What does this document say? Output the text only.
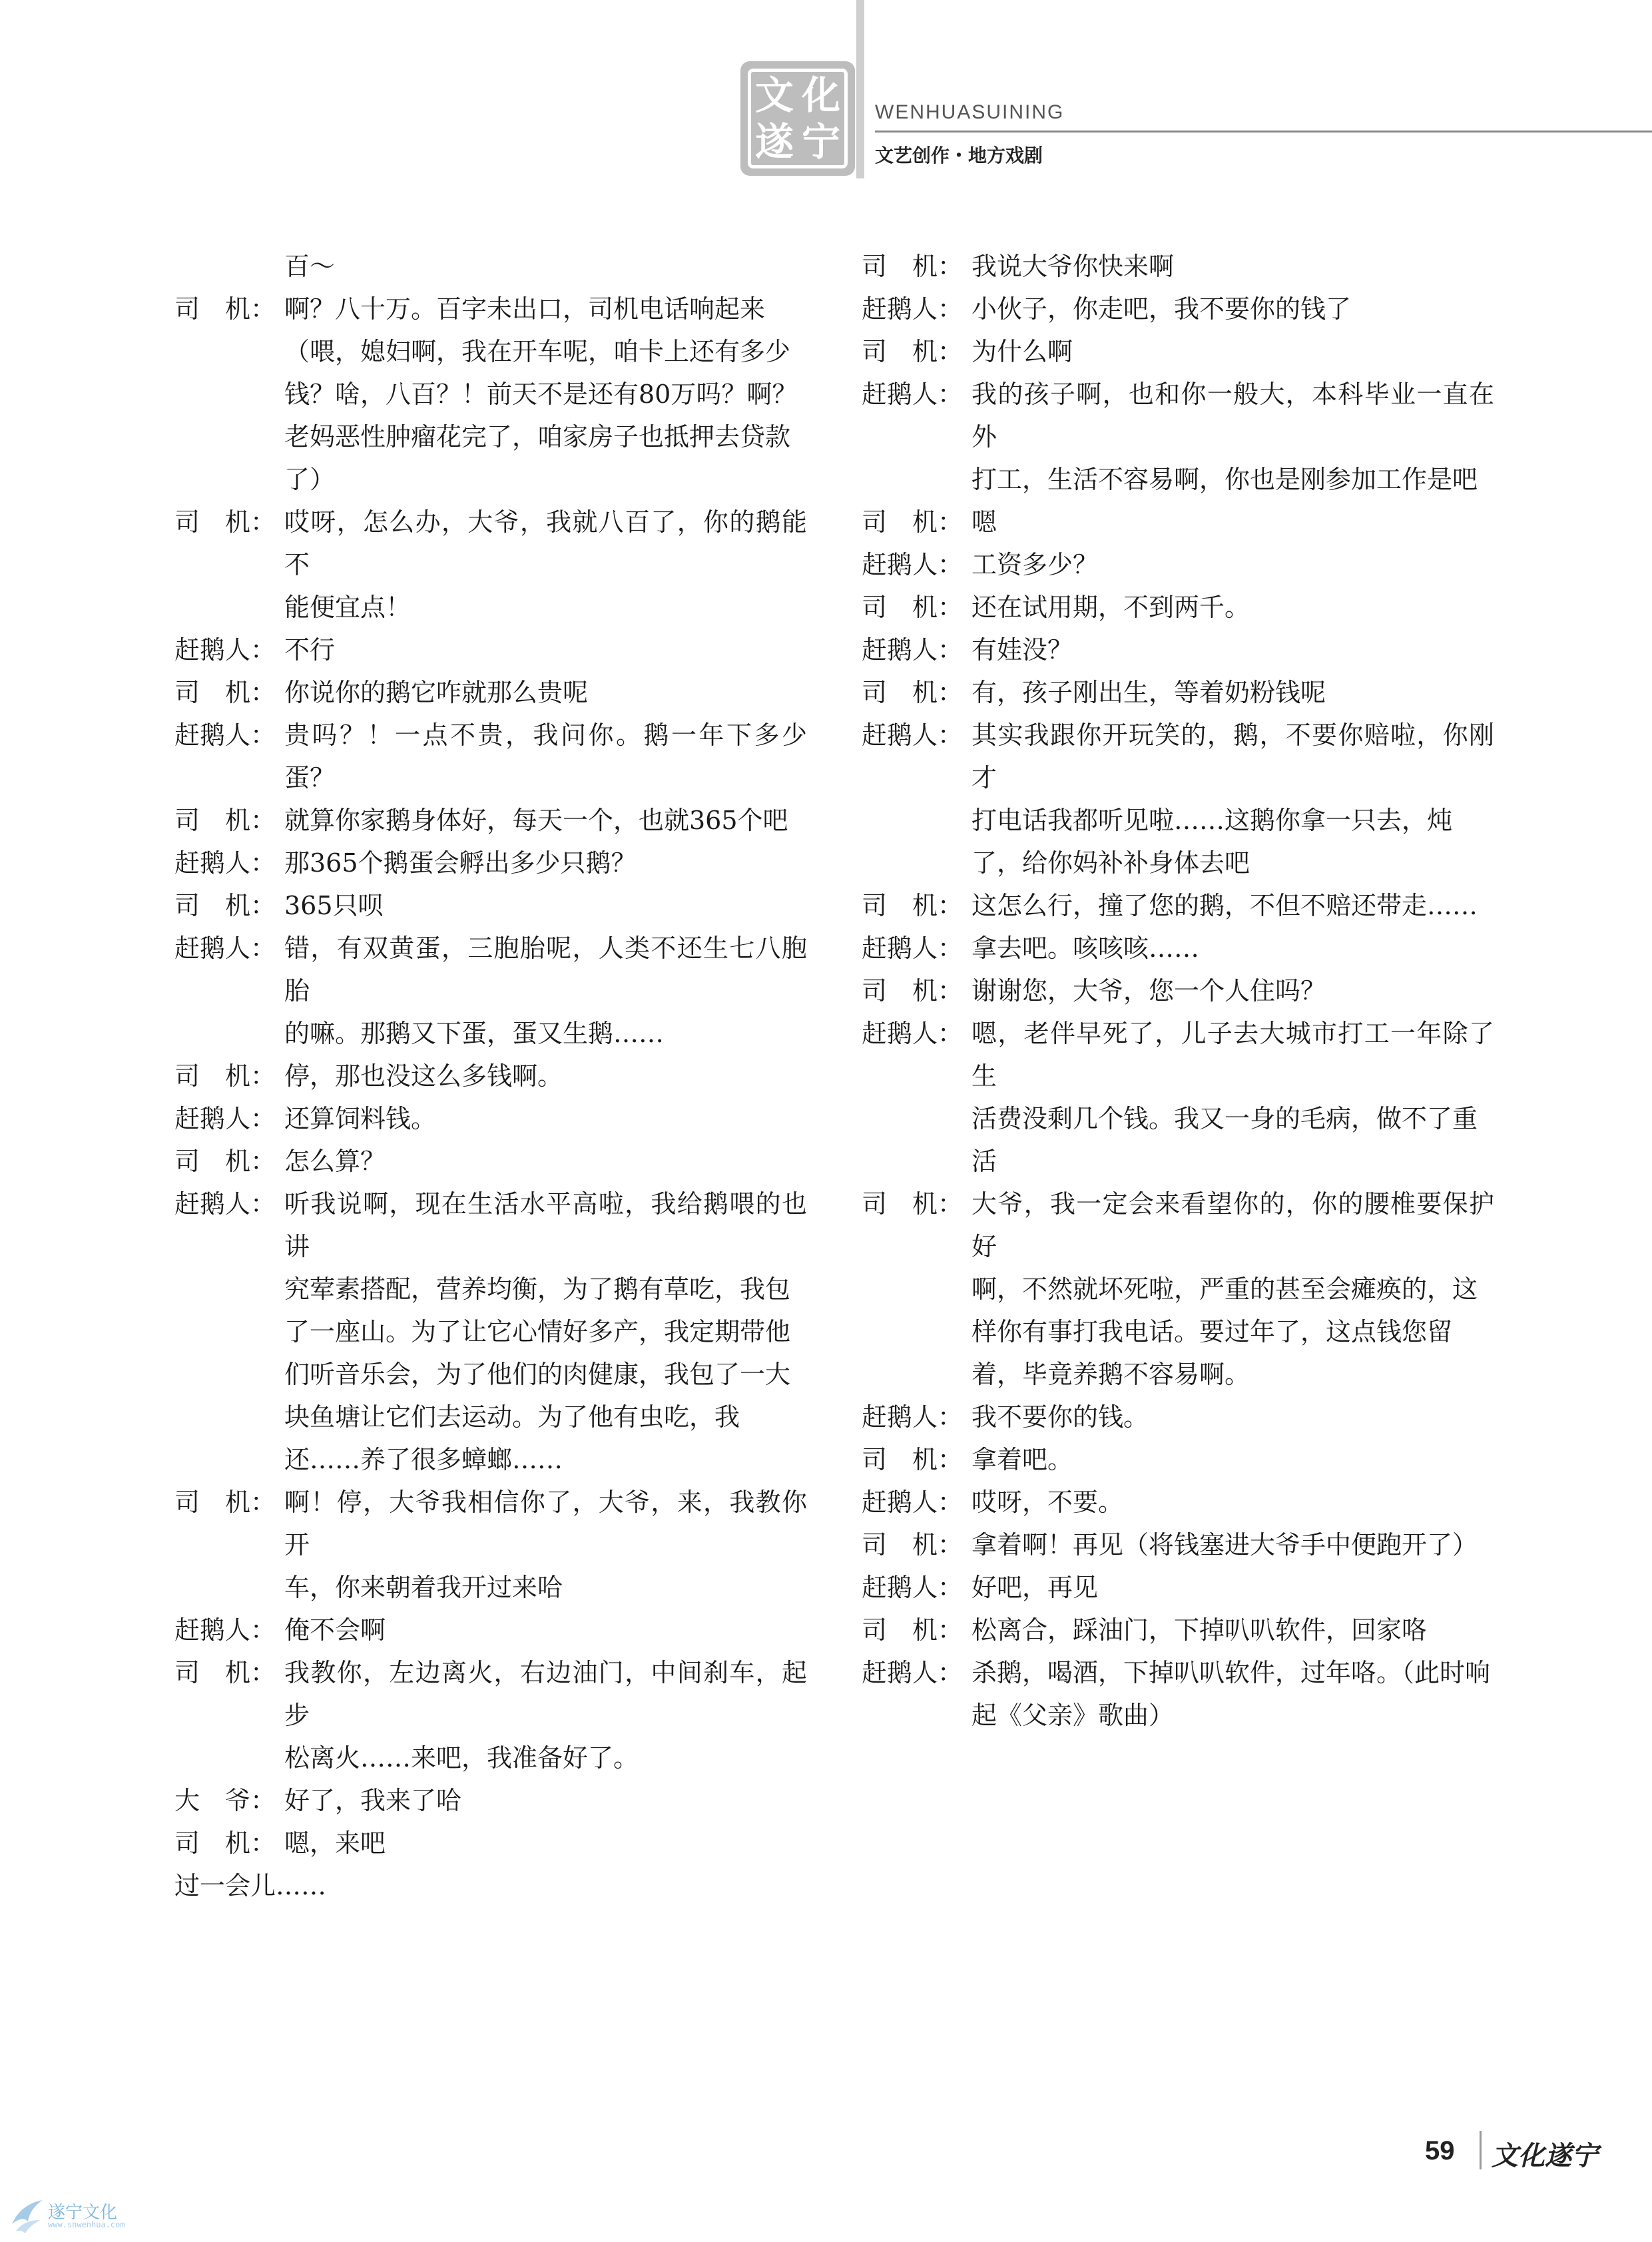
文 化
遂 宁
WENHUASUINING
文艺创作・地方戏剧
百～
司　机： 啊？八十万。百字未出口，司机电话响起来
（喂，媳妇啊，我在开车呢，咱卡上还有多少
钱？啥，八百？！前天不是还有80万吗？啊？
老妈恶性肿瘤花完了，咱家房子也抵押去贷款
了）
司　机： 哎呀，怎么办，大爷，我就八百了，你的鹅能不
能便宜点！
赶鹅人： 不行
司　机： 你说你的鹅它咋就那么贵呢
赶鹅人： 贵吗？！一点不贵，我问你。鹅一年下多少蛋？
司　机： 就算你家鹅身体好，每天一个，也就365个吧
赶鹅人： 那365个鹅蛋会孵出多少只鹅？
司　机： 365只呗
赶鹅人： 错，有双黄蛋，三胞胎呢，人类不还生七八胞胎
的嘛。那鹅又下蛋，蛋又生鹅……
司　机： 停，那也没这么多钱啊。
赶鹅人： 还算饲料钱。
司　机： 怎么算？
赶鹅人： 听我说啊，现在生活水平高啦，我给鹅喂的也讲
究荤素搭配，营养均衡，为了鹅有草吃，我包
了一座山。为了让它心情好多产，我定期带他
们听音乐会，为了他们的肉健康，我包了一大
块鱼塘让它们去运动。为了他有虫吃，我
还……养了很多蟑螂……
司　机： 啊！停，大爷我相信你了，大爷，来，我教你开
车，你来朝着我开过来哈
赶鹅人： 俺不会啊
司　机： 我教你，左边离火，右边油门，中间刹车，起步
松离火……来吧，我准备好了。
大　爷： 好了，我来了哈
司　机： 嗯，来吧
过一会儿……
司　机： 我说大爷你快来啊
赶鹅人： 小伙子，你走吧，我不要你的钱了
司　机： 为什么啊
赶鹅人： 我的孩子啊，也和你一般大，本科毕业一直在外
打工，生活不容易啊，你也是刚参加工作是吧
司　机： 嗯
赶鹅人： 工资多少？
司　机： 还在试用期，不到两千。
赶鹅人： 有娃没？
司　机： 有，孩子刚出生，等着奶粉钱呢
赶鹅人： 其实我跟你开玩笑的，鹅，不要你赔啦，你刚才
打电话我都听见啦……这鹅你拿一只去，炖
了，给你妈补补身体去吧
司　机： 这怎么行，撞了您的鹅，不但不赔还带走……
赶鹅人： 拿去吧。咳咳咳……
司　机： 谢谢您，大爷，您一个人住吗？
赶鹅人： 嗯，老伴早死了，儿子去大城市打工一年除了生
活费没剩几个钱。我又一身的毛病，做不了重
活
司　机： 大爷，我一定会来看望你的，你的腰椎要保护好
啊，不然就坏死啦，严重的甚至会瘫痪的，这
样你有事打我电话。要过年了，这点钱您留
着，毕竟养鹅不容易啊。
赶鹅人： 我不要你的钱。
司　机： 拿着吧。
赶鹅人： 哎呀，不要。
司　机： 拿着啊！再见（将钱塞进大爷手中便跑开了）
赶鹅人： 好吧，再见
司　机： 松离合，踩油门，下掉叭叭软件，回家咯
赶鹅人： 杀鹅，喝酒，下掉叭叭软件，过年咯。（此时响
起《父亲》歌曲）
59 文化遂宁
遂宁文化
www.snwenhua.com
